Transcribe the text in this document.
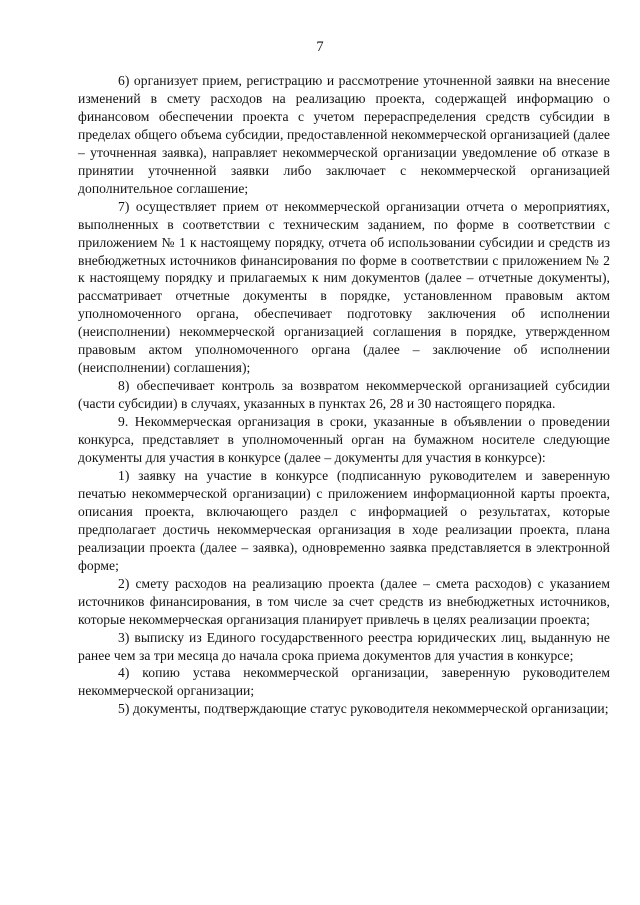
7

6) организует прием, регистрацию и рассмотрение уточненной заявки на внесение изменений в смету расходов на реализацию проекта, содержащей информацию о финансовом обеспечении проекта с учетом перераспределения средств субсидии в пределах общего объема субсидии, предоставленной некоммерческой организацией (далее – уточненная заявка), направляет некоммерческой организации уведомление об отказе в принятии уточненной заявки либо заключает с некоммерческой организацией дополнительное соглашение;

7) осуществляет прием от некоммерческой организации отчета о мероприятиях, выполненных в соответствии с техническим заданием, по форме в соответствии с приложением № 1 к настоящему порядку, отчета об использовании субсидии и средств из внебюджетных источников финансирования по форме в соответствии с приложением № 2 к настоящему порядку и прилагаемых к ним документов (далее – отчетные документы), рассматривает отчетные документы в порядке, установленном правовым актом уполномоченного органа, обеспечивает подготовку заключения об исполнении (неисполнении) некоммерческой организацией соглашения в порядке, утвержденном правовым актом уполномоченного органа (далее – заключение об исполнении (неисполнении) соглашения);

8) обеспечивает контроль за возвратом некоммерческой организацией субсидии (части субсидии) в случаях, указанных в пунктах 26, 28 и 30 настоящего порядка.

9. Некоммерческая организация в сроки, указанные в объявлении о проведении конкурса, представляет в уполномоченный орган на бумажном носителе следующие документы для участия в конкурсе (далее – документы для участия в конкурсе):

1) заявку на участие в конкурсе (подписанную руководителем и заверенную печатью некоммерческой организации) с приложением информационной карты проекта, описания проекта, включающего раздел с информацией о результатах, которые предполагает достичь некоммерческая организация в ходе реализации проекта, плана реализации проекта (далее – заявка), одновременно заявка представляется в электронной форме;

2) смету расходов на реализацию проекта (далее – смета расходов) с указанием источников финансирования, в том числе за счет средств из внебюджетных источников, которые некоммерческая организация планирует привлечь в целях реализации проекта;

3) выписку из Единого государственного реестра юридических лиц, выданную не ранее чем за три месяца до начала срока приема документов для участия в конкурсе;

4) копию устава некоммерческой организации, заверенную руководителем некоммерческой организации;

5) документы, подтверждающие статус руководителя некоммерческой организации;
